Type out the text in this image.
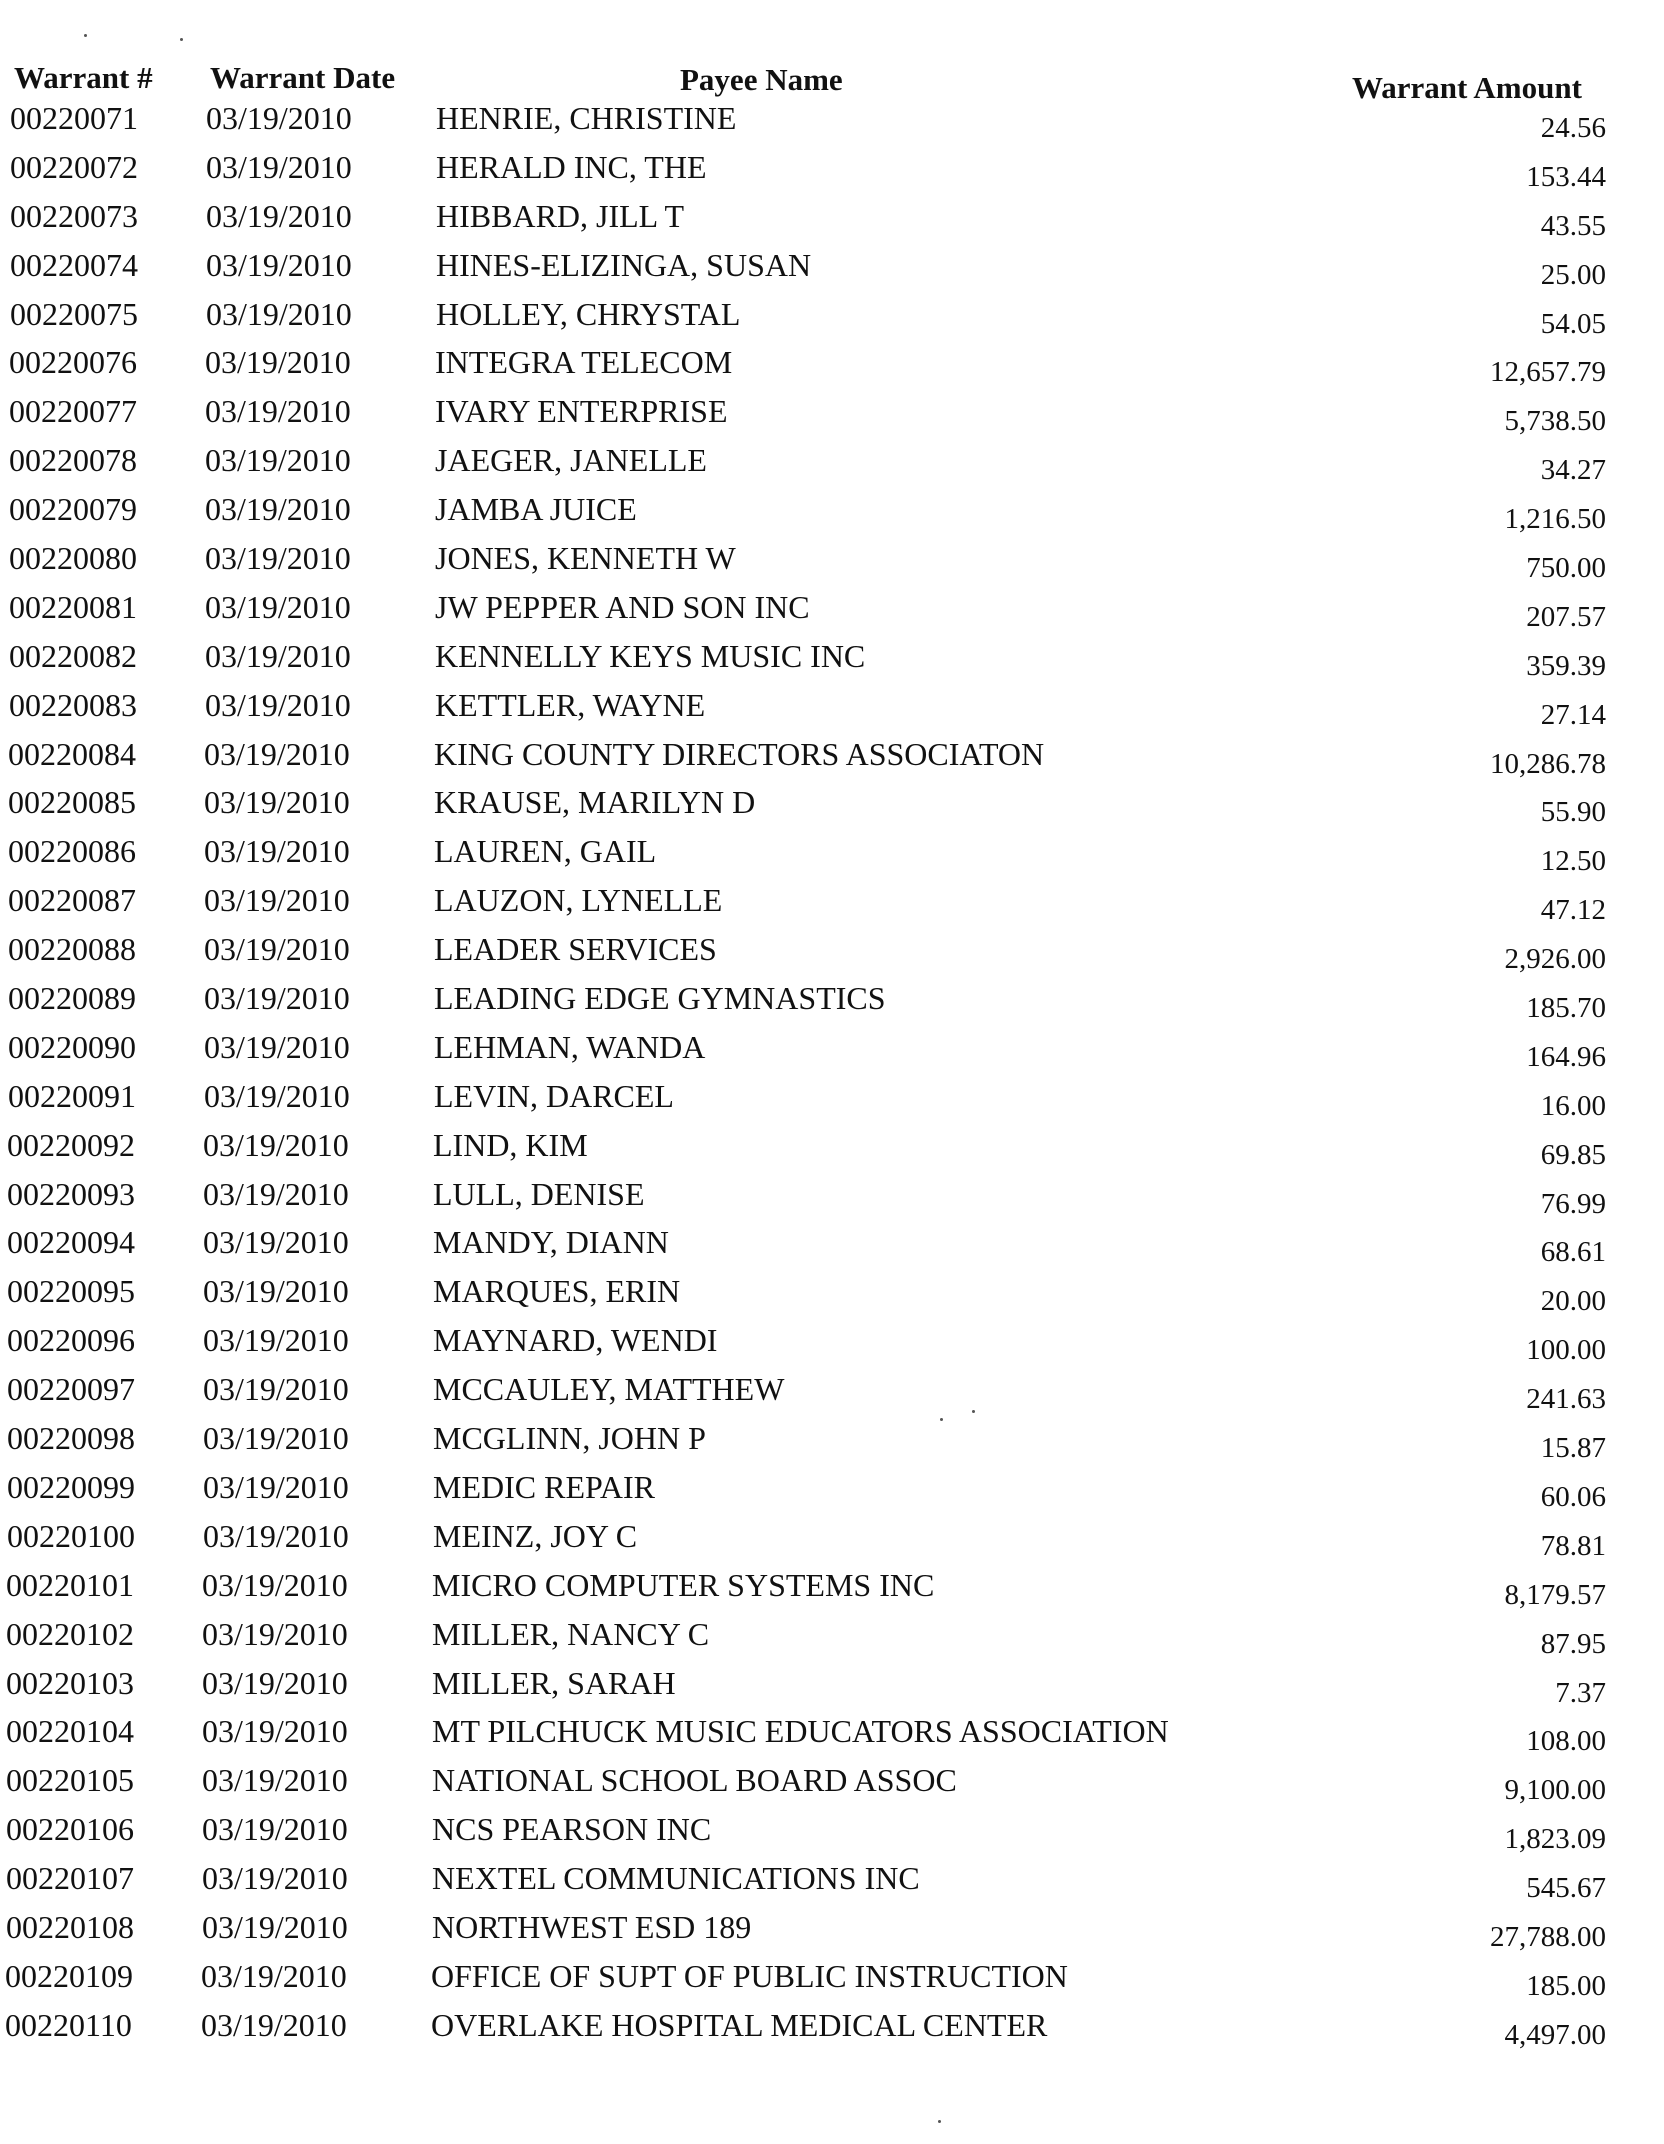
Warrant # Warrant Date	Payee Name	Warrant Amount
00220071 03/19/2010	HENRIE, CHRISTINE	24.56
00220072 03/19/2010	HERALD INC, THE	153.44
00220073 03/19/2010	HIBBARD, JILL T	43.55
00220074 03/19/2010	HINES-ELIZINGA, SUSAN	25.00
00220075 03/19/2010	HOLLEY, CHRYSTAL	54.05
00220076 03/19/2010	INTEGRA TELECOM	12,657.79
00220077 03/19/2010	IVARY ENTERPRISE	5,738.50
00220078 03/19/2010	JAEGER, JANELLE	34.27
00220079 03/19/2010	JAMBA JUICE	1,216.50
00220080 03/19/2010	JONES, KENNETH W	750.00
00220081 03/19/2010	JW PEPPER AND SON INC	207.57
00220082 03/19/2010	KENNELLY KEYS MUSIC INC	359.39
00220083 03/19/2010	KETTLER, WAYNE	27.14
00220084 03/19/2010	KING COUNTY DIRECTORS ASSOCIATON	10,286.78
00220085 03/19/2010	KRAUSE, MARILYN D	55.90
00220086 03/19/2010	LAUREN, GAIL	12.50
00220087 03/19/2010	LAUZON, LYNELLE	47.12
00220088 03/19/2010	LEADER SERVICES	2,926.00
00220089 03/19/2010	LEADING EDGE GYMNASTICS	185.70
00220090 03/19/2010	LEHMAN, WANDA	164.96
00220091 03/19/2010	LEVIN, DARCEL	16.00
00220092 03/19/2010	LIND, KIM	69.85
00220093 03/19/2010	LULL, DENISE	76.99
00220094 03/19/2010	MANDY, DIANN	68.61
00220095 03/19/2010	MARQUES, ERIN	20.00
00220096 03/19/2010	MAYNARD, WENDI	100.00
00220097 03/19/2010	MCCAULEY, MATTHEW	241.63
00220098 03/19/2010	MCGLINN, JOHN P	15.87
00220099 03/19/2010	MEDIC REPAIR	60.06
00220100 03/19/2010	MEINZ, JOY C	78.81
00220101 03/19/2010	MICRO COMPUTER SYSTEMS INC	8,179.57
00220102 03/19/2010	MILLER, NANCY C	87.95
00220103 03/19/2010	MILLER, SARAH	7.37
00220104 03/19/2010	MT PILCHUCK MUSIC EDUCATORS ASSOCIATION	108.00
00220105 03/19/2010	NATIONAL SCHOOL BOARD ASSOC	9,100.00
00220106 03/19/2010	NCS PEARSON INC	1,823.09
00220107 03/19/2010	NEXTEL COMMUNICATIONS INC	545.67
00220108 03/19/2010	NORTHWEST ESD 189	27,788.00
00220109 03/19/2010	OFFICE OF SUPT OF PUBLIC INSTRUCTION	185.00
00220110 03/19/2010	OVERLAKE HOSPITAL MEDICAL CENTER	4,497.00
